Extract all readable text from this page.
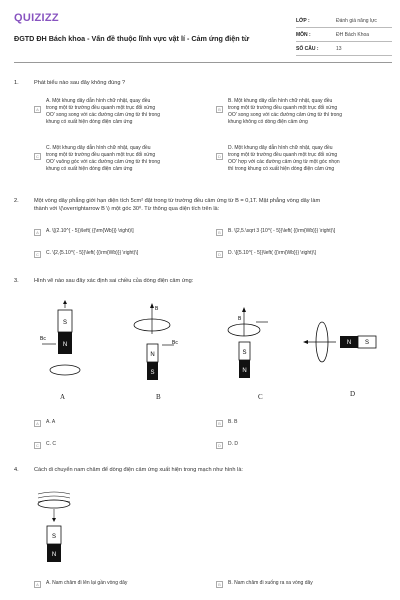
QUIZIZZ
ĐGTD ĐH Bách khoa - Vấn đề thuộc lĩnh vực vật lí - Cảm ứng điện từ
LỚP :	Đánh giá năng lực
MÔN :	ĐH Bách Khoa
SỐ CÂU :	13
1.	Phát biểu nào sau đây không đúng ?
A
A. Một khung dây dẫn hình chữ nhật, quay đều
trong một từ trường đều quanh một trục đối xứng
OO' song song với các đường cảm ứng từ thì trong
khung có xuất hiện dòng điện cảm ứng
B
B. Một khung dây dẫn hình chữ nhật, quay đều
trong một từ trường đều quanh một trục đối xứng
OO' song song với các đường cảm ứng từ thì trong
khung không có dòng điện cảm ứng
C
C. Một khung dây dẫn hình chữ nhật, quay đều
trong một từ trường đều quanh một trục đối xứng
OO' vuông góc với các đường cảm ứng từ thì trong
khung có xuất hiện dòng điện cảm ứng
D
D. Một khung dây dẫn hình chữ nhật, quay đều
trong một từ trường đều quanh một trục đối xứng
OO' hợp với các đường cảm ứng từ một góc nhọn
thì trong khung có xuất hiện dòng điện cảm ứng
2.	Một vòng dây phẳng giới hạn diện tích 5cm² đặt trong từ trường đều cảm ứng từ B = 0,1T. Mặt phẳng vòng dây làm
thành với \(\overrightarrow B \) một góc 30⁰. Từ thông qua diện tích trên là:
A	A. \[(2.10^{ - 5})\left( {{\rm{Wb}}} \right)\]	B	B. \[2,5.\sqrt 3 {10^{ - 5}}\left( {{\rm{Wb}}} \right)\]
C	C. \[2,{5.10^{ - 5}}\left( {{\rm{Wb}}} \right)\]	D	D. \[{5.10^{ - 5}}\left( {{\rm{Wb}}} \right)\]
3.	Hình vẽ nào sau đây xác định sai chiều của dòng điện cảm ứng:
S
N
Bc
A
B
N
S
Bc
B
B
S
N
C
N S
D
A	A. A	B	B. B
C	C. C	D	D. D
4.	Cách di chuyển nam châm để dòng điện cảm ứng xuất hiện trong mạch như hình là:
S
N
A	A. Nam châm đi lên lại gần vòng dây	B	B. Nam châm đi xuống ra xa vòng dây
